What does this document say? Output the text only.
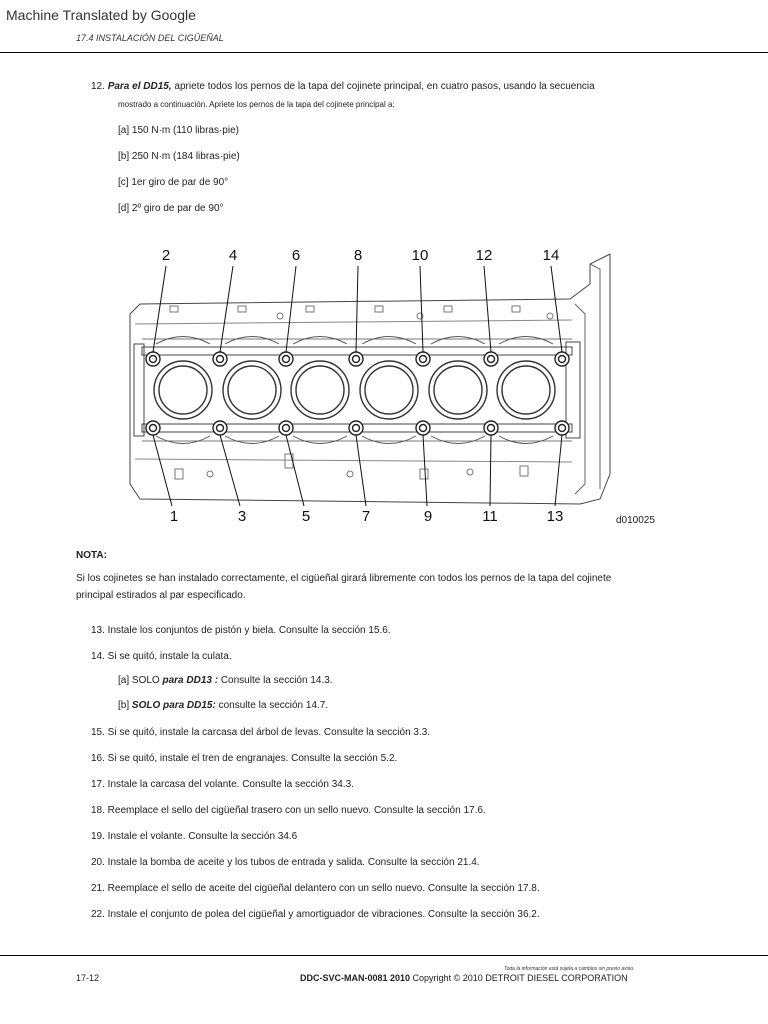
Machine Translated by Google
17.4 INSTALACIÓN DEL CIGÜEÑAL
12. Para el DD15, apriete todos los pernos de la tapa del cojinete principal, en cuatro pasos, usando la secuencia
mostrado a continuación. Apriete los pernos de la tapa del cojinete principal a:
[a] 150 N·m (110 libras·pie)
[b] 250 N·m (184 libras·pie)
[c] 1er giro de par de 90°
[d] 2º giro de par de 90°
2	4	6	8	10	12	14
1	3	5	7	9	11	13	d010025
NOTA:
Si los cojinetes se han instalado correctamente, el cigüeñal girará libremente con todos los pernos de la tapa del cojinete
principal estirados al par especificado.
13. Instale los conjuntos de pistón y biela. Consulte la sección 15.6.
14. Si se quitó, instale la culata.
[a] SOLO para DD13 : Consulte la sección 14.3.
[b] SOLO para DD15: consulte la sección 14.7.
15. Si se quitó, instale la carcasa del árbol de levas. Consulte la sección 3.3.
16. Si se quitó, instale el tren de engranajes. Consulte la sección 5.2.
17. Instale la carcasa del volante. Consulte la sección 34.3.
18. Reemplace el sello del cigüeñal trasero con un sello nuevo. Consulte la sección 17.6.
19. Instale el volante. Consulte la sección 34.6
20. Instale la bomba de aceite y los tubos de entrada y salida. Consulte la sección 21.4.
21. Reemplace el sello de aceite del cigüeñal delantero con un sello nuevo. Consulte la sección 17.8.
22. Instale el conjunto de polea del cigüeñal y amortiguador de vibraciones. Consulte la sección 36.2.
17-12
Toda la información está sujeta a cambios sin previo aviso.
DDC-SVC-MAN-0081 2010 Copyright © 2010 DETROIT DIESEL CORPORATION
